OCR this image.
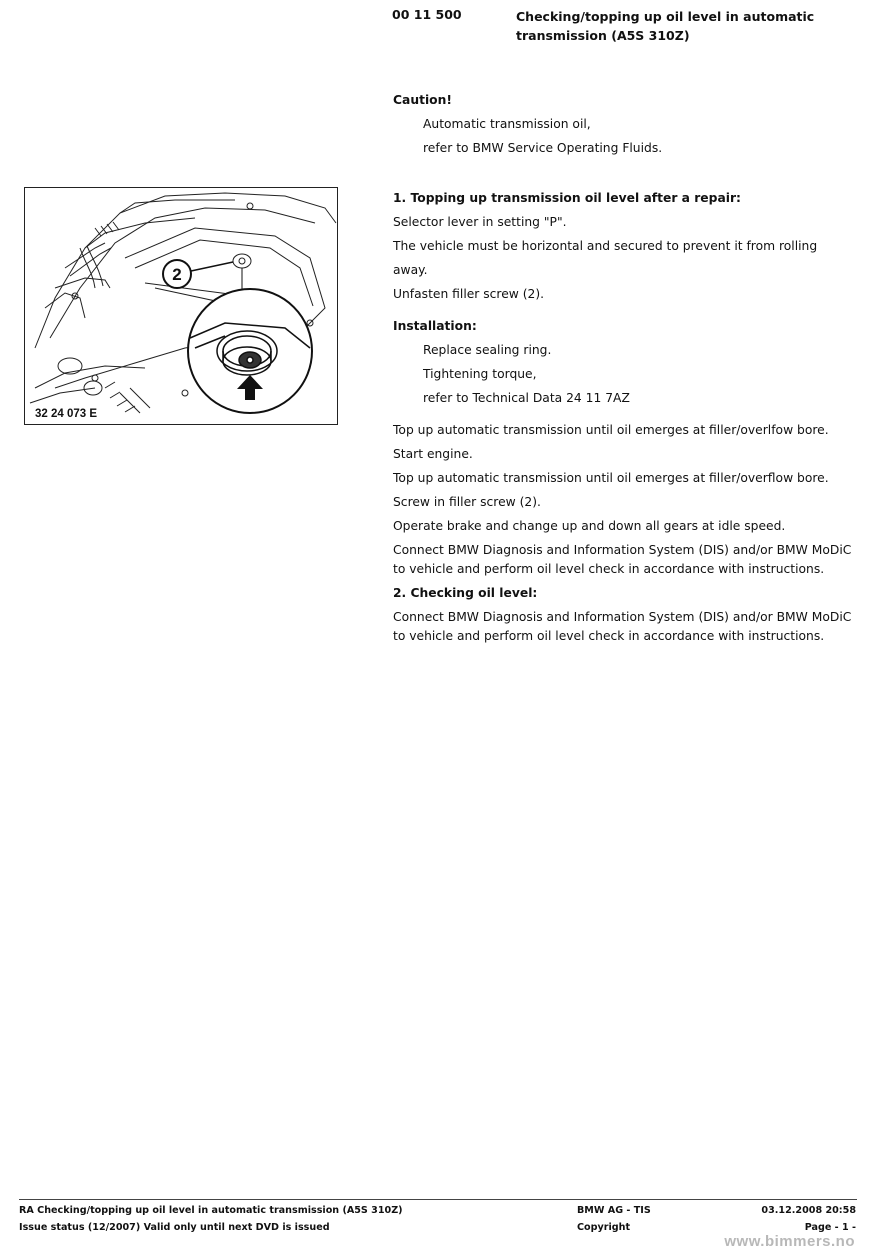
00 11 500	Checking/topping up oil level in automatic transmission (A5S 310Z)
2
32 24 073 E
Caution!
Automatic transmission oil,
refer to BMW Service Operating Fluids.
1. Topping up transmission oil level after a repair:
Selector lever in setting "P".
The vehicle must be horizontal and secured to prevent it from rolling away.
Unfasten filler screw (2).
Installation:
Replace sealing ring.
Tightening torque,
refer to Technical Data 24 11 7AZ
Top up automatic transmission until oil emerges at filler/overlfow bore.
Start engine.
Top up automatic transmission until oil emerges at filler/overflow bore.
Screw in filler screw (2).
Operate brake and change up and down all gears at idle speed.
Connect BMW Diagnosis and Information System (DIS) and/or BMW MoDiC to vehicle and perform oil level check in accordance with instructions.
2. Checking oil level:
Connect BMW Diagnosis and Information System (DIS) and/or BMW MoDiC to vehicle and perform oil level check in accordance with instructions.
RA Checking/topping up oil level in automatic transmission (A5S 310Z)
Issue status (12/2007) Valid only until next DVD is issued
BMW AG - TIS
Copyright
03.12.2008 20:58
Page - 1 -
www.bimmers.no
